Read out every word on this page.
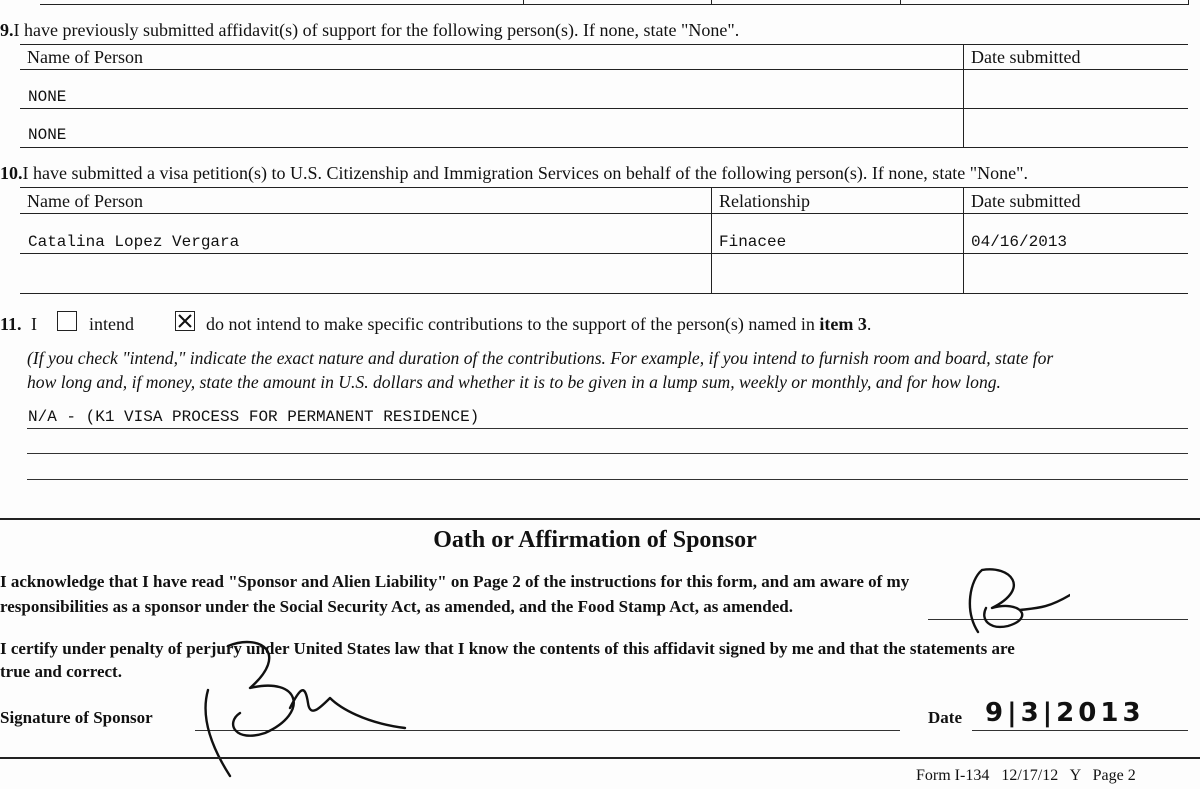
9.I have previously submitted affidavit(s) of support for the following person(s). If none, state "None".
Name of Person	Date submitted
NONE
NONE
10.I have submitted a visa petition(s) to U.S. Citizenship and Immigration Services on behalf of the following person(s). If none, state "None".
Name of Person	Relationship	Date submitted
Catalina Lopez Vergara	Finacee	04/16/2013
11. I	intend	do not intend to make specific contributions to the support of the person(s) named in item 3.
(If you check "intend," indicate the exact nature and duration of the contributions. For example, if you intend to furnish room and board, state for
how long and, if money, state the amount in U.S. dollars and whether it is to be given in a lump sum, weekly or monthly, and for how long.
N/A - (K1 VISA PROCESS FOR PERMANENT RESIDENCE)
Oath or Affirmation of Sponsor
I acknowledge that I have read "Sponsor and Alien Liability" on Page 2 of the instructions for this form, and am aware of my
responsibilities as a sponsor under the Social Security Act, as amended, and the Food Stamp Act, as amended.
I certify under penalty of perjury under United States law that I know the contents of this affidavit signed by me and that the statements are
true and correct.
Signature of Sponsor	Date 9|3|2013
Form I-134   12/17/12   Y   Page 2
